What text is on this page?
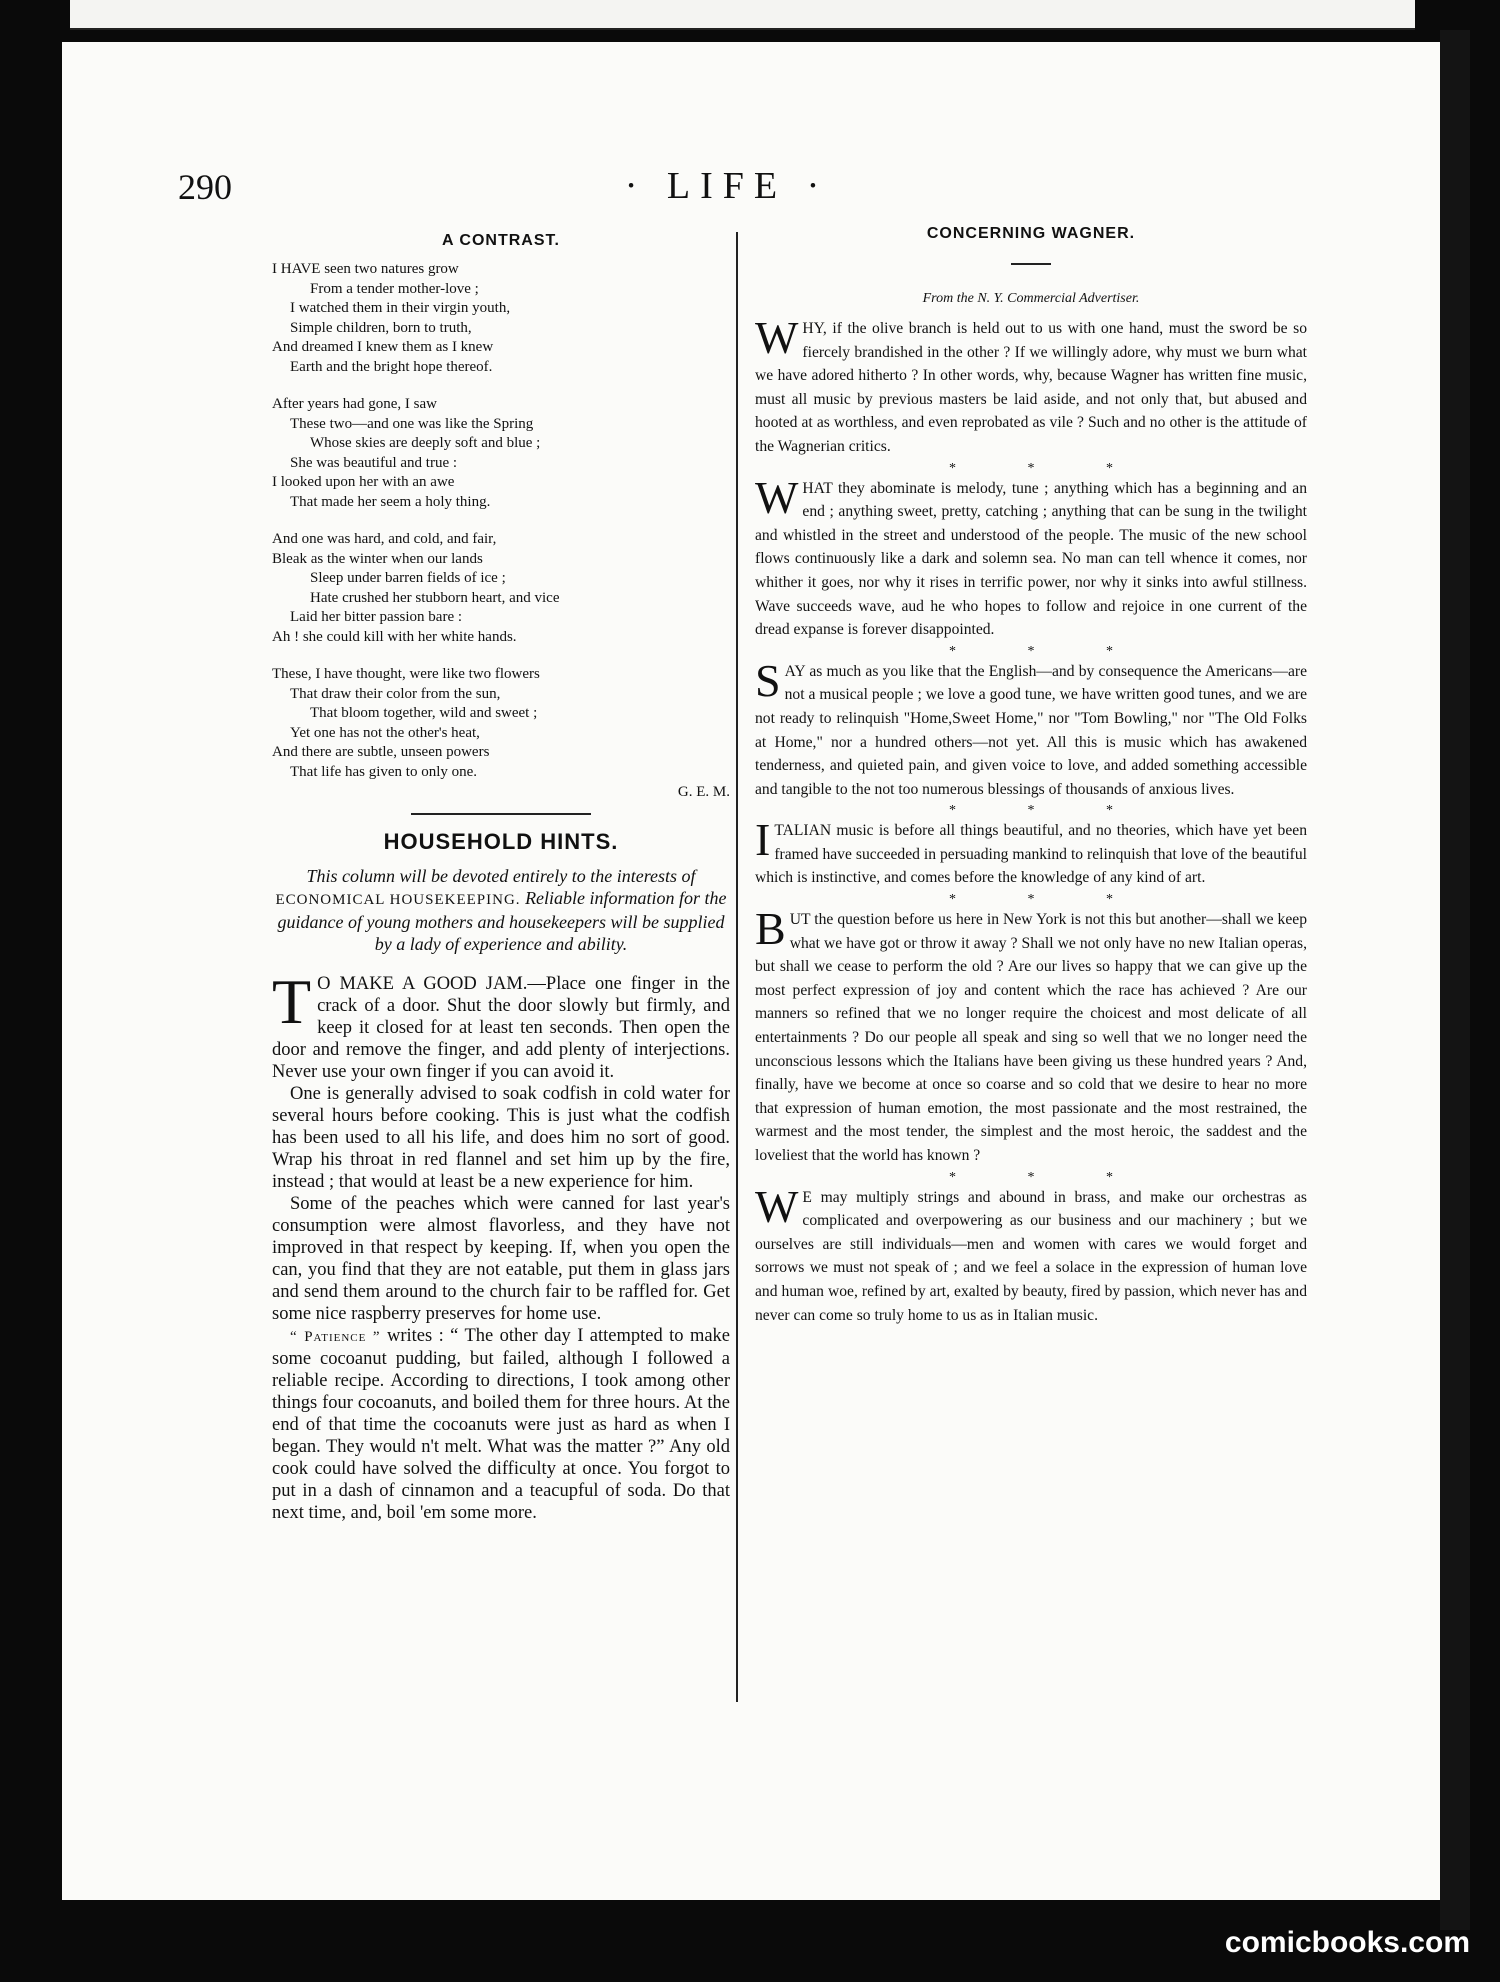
290	· LIFE ·
A CONTRAST.
I HAVE seen two natures grow
From a tender mother-love ;
I watched them in their virgin youth,
Simple children, born to truth,
And dreamed I knew them as I knew
Earth and the bright hope thereof.
After years had gone, I saw
These two—and one was like the Spring
Whose skies are deeply soft and blue ;
She was beautiful and true :
I looked upon her with an awe
That made her seem a holy thing.
And one was hard, and cold, and fair,
Bleak as the winter when our lands
Sleep under barren fields of ice ;
Hate crushed her stubborn heart, and vice
Laid her bitter passion bare :
Ah ! she could kill with her white hands.
These, I have thought, were like two flowers
That draw their color from the sun,
That bloom together, wild and sweet ;
Yet one has not the other's heat,
And there are subtle, unseen powers
That life has given to only one.
G. E. M.
HOUSEHOLD HINTS.
This column will be devoted entirely to the interests of ECONOMICAL HOUSEKEEPING. Reliable information for the guidance of young mothers and housekeepers will be supplied by a lady of experience and ability.

T O MAKE A GOOD JAM.—Place one finger in the crack of a door. Shut the door slowly but firmly, and keep it closed for at least ten seconds. Then open the door and remove the finger, and add plenty of interjections. Never use your own finger if you can avoid it.

One is generally advised to soak codfish in cold water for several hours before cooking. This is just what the codfish has been used to all his life, and does him no sort of good. Wrap his throat in red flannel and set him up by the fire, instead ; that would at least be a new experience for him.

Some of the peaches which were canned for last year's consumption were almost flavorless, and they have not improved in that respect by keeping. If, when you open the can, you find that they are not eatable, put them in glass jars and send them around to the church fair to be raffled for. Get some nice raspberry preserves for home use.

“ Patience ” writes : “ The other day I attempted to make some cocoanut pudding, but failed, although I followed a reliable recipe. According to directions, I took among other things four cocoanuts, and boiled them for three hours. At the end of that time the cocoanuts were just as hard as when I began. They would n't melt. What was the matter ?” Any old cook could have solved the difficulty at once. You forgot to put in a dash of cinnamon and a teacupful of soda. Do that next time, and, boil 'em some more.

CONCERNING WAGNER.
From the N. Y. Commercial Advertiser.

WHY, if the olive branch is held out to us with one hand, must the sword be so fiercely brandished in the other ? If we willingly adore, why must we burn what we have adored hitherto ? In other words, why, because Wagner has written fine music, must all music by previous masters be laid aside, and not only that, but abused and hooted at as worthless, and even reprobated as vile ? Such and no other is the attitude of the Wagnerian critics.

* * *

WHAT they abominate is melody, tune ; anything which has a beginning and an end ; anything sweet, pretty, catching ; anything that can be sung in the twilight and whistled in the street and understood of the people. The music of the new school flows continuously like a dark and solemn sea. No man can tell whence it comes, nor whither it goes, nor why it rises in terrific power, nor why it sinks into awful stillness. Wave succeeds wave, aud he who hopes to follow and rejoice in one current of the dread expanse is forever disappointed.

* * *

SAY as much as you like that the English—and by consequence the Americans—are not a musical people ; we love a good tune, we have written good tunes, and we are not ready to relinquish "Home,Sweet Home," nor "Tom Bowling," nor "The Old Folks at Home," nor a hundred others—not yet. All this is music which has awakened tenderness, and quieted pain, and given voice to love, and added something accessible and tangible to the not too numerous blessings of thousands of anxious lives.

* * *

ITALIAN music is before all things beautiful, and no theories, which have yet been framed have succeeded in persuading mankind to relinquish that love of the beautiful which is instinctive, and comes before the knowledge of any kind of art.

* * *

BUT the question before us here in New York is not this but another—shall we keep what we have got or throw it away ? Shall we not only have no new Italian operas, but shall we cease to perform the old ? Are our lives so happy that we can give up the most perfect expression of joy and content which the race has achieved ? Are our manners so refined that we no longer require the choicest and most delicate of all entertainments ? Do our people all speak and sing so well that we no longer need the unconscious lessons which the Italians have been giving us these hundred years ? And, finally, have we become at once so coarse and so cold that we desire to hear no more that expression of human emotion, the most passionate and the most restrained, the warmest and the most tender, the simplest and the most heroic, the saddest and the loveliest that the world has known ?

* * *

W E may multiply strings and abound in brass, and make our orchestras as complicated and overpowering as our business and our machinery ; but we ourselves are still individuals—men and women with cares we would forget and sorrows we must not speak of ; and we feel a solace in the expression of human love and human woe, refined by art, exalted by beauty, fired by passion, which never has and never can come so truly home to us as in Italian music.

comicbooks.com
